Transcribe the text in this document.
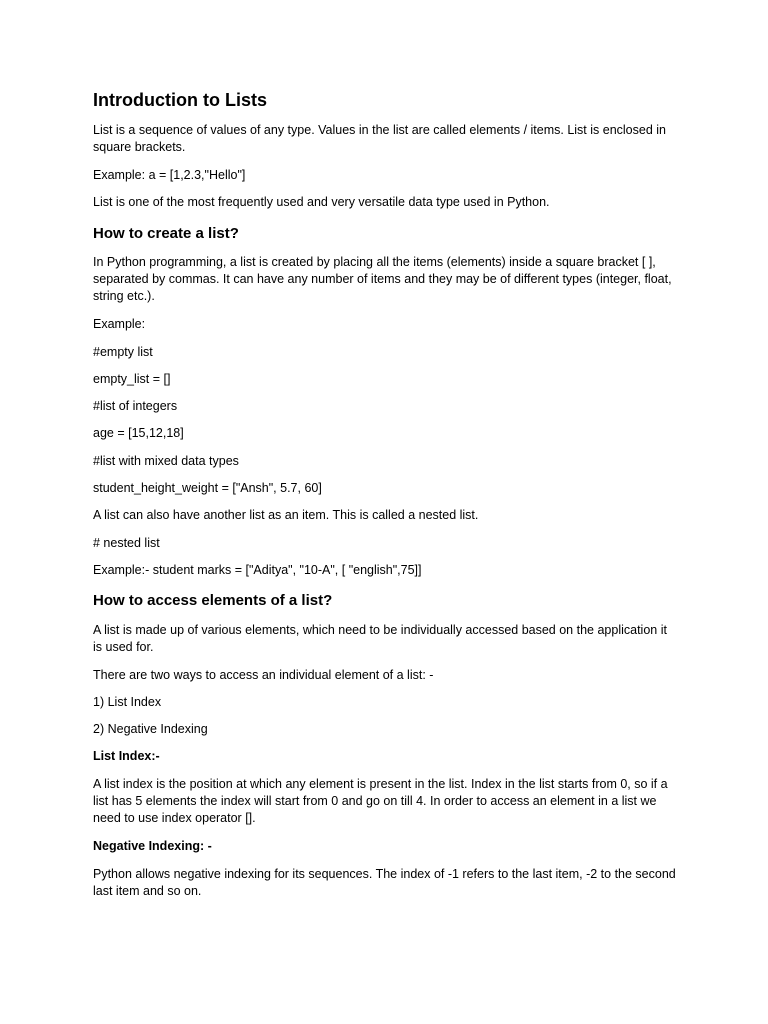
Introduction to Lists

List is a sequence of values of any type. Values in the list are called elements / items. List is enclosed in square brackets.

Example: a = [1,2.3,"Hello"]

List is one of the most frequently used and very versatile data type used in Python.

How to create a list?

In Python programming, a list is created by placing all the items (elements) inside a square bracket [ ], separated by commas. It can have any number of items and they may be of different types (integer, float, string etc.).

Example:

#empty list

empty_list = []

#list of integers

age = [15,12,18]

#list with mixed data types

student_height_weight = ["Ansh", 5.7, 60]

A list can also have another list as an item. This is called a nested list.

# nested list

Example:- student marks = ["Aditya", "10-A", [ "english",75]]

How to access elements of a list?

A list is made up of various elements, which need to be individually accessed based on the application it is used for.

There are two ways to access an individual element of a list: -

1) List Index

2) Negative Indexing

List Index:-

A list index is the position at which any element is present in the list. Index in the list starts from 0, so if a list has 5 elements the index will start from 0 and go on till 4. In order to access an element in a list we need to use index operator [].

Negative Indexing: -

Python allows negative indexing for its sequences. The index of -1 refers to the last item, -2 to the second last item and so on.
